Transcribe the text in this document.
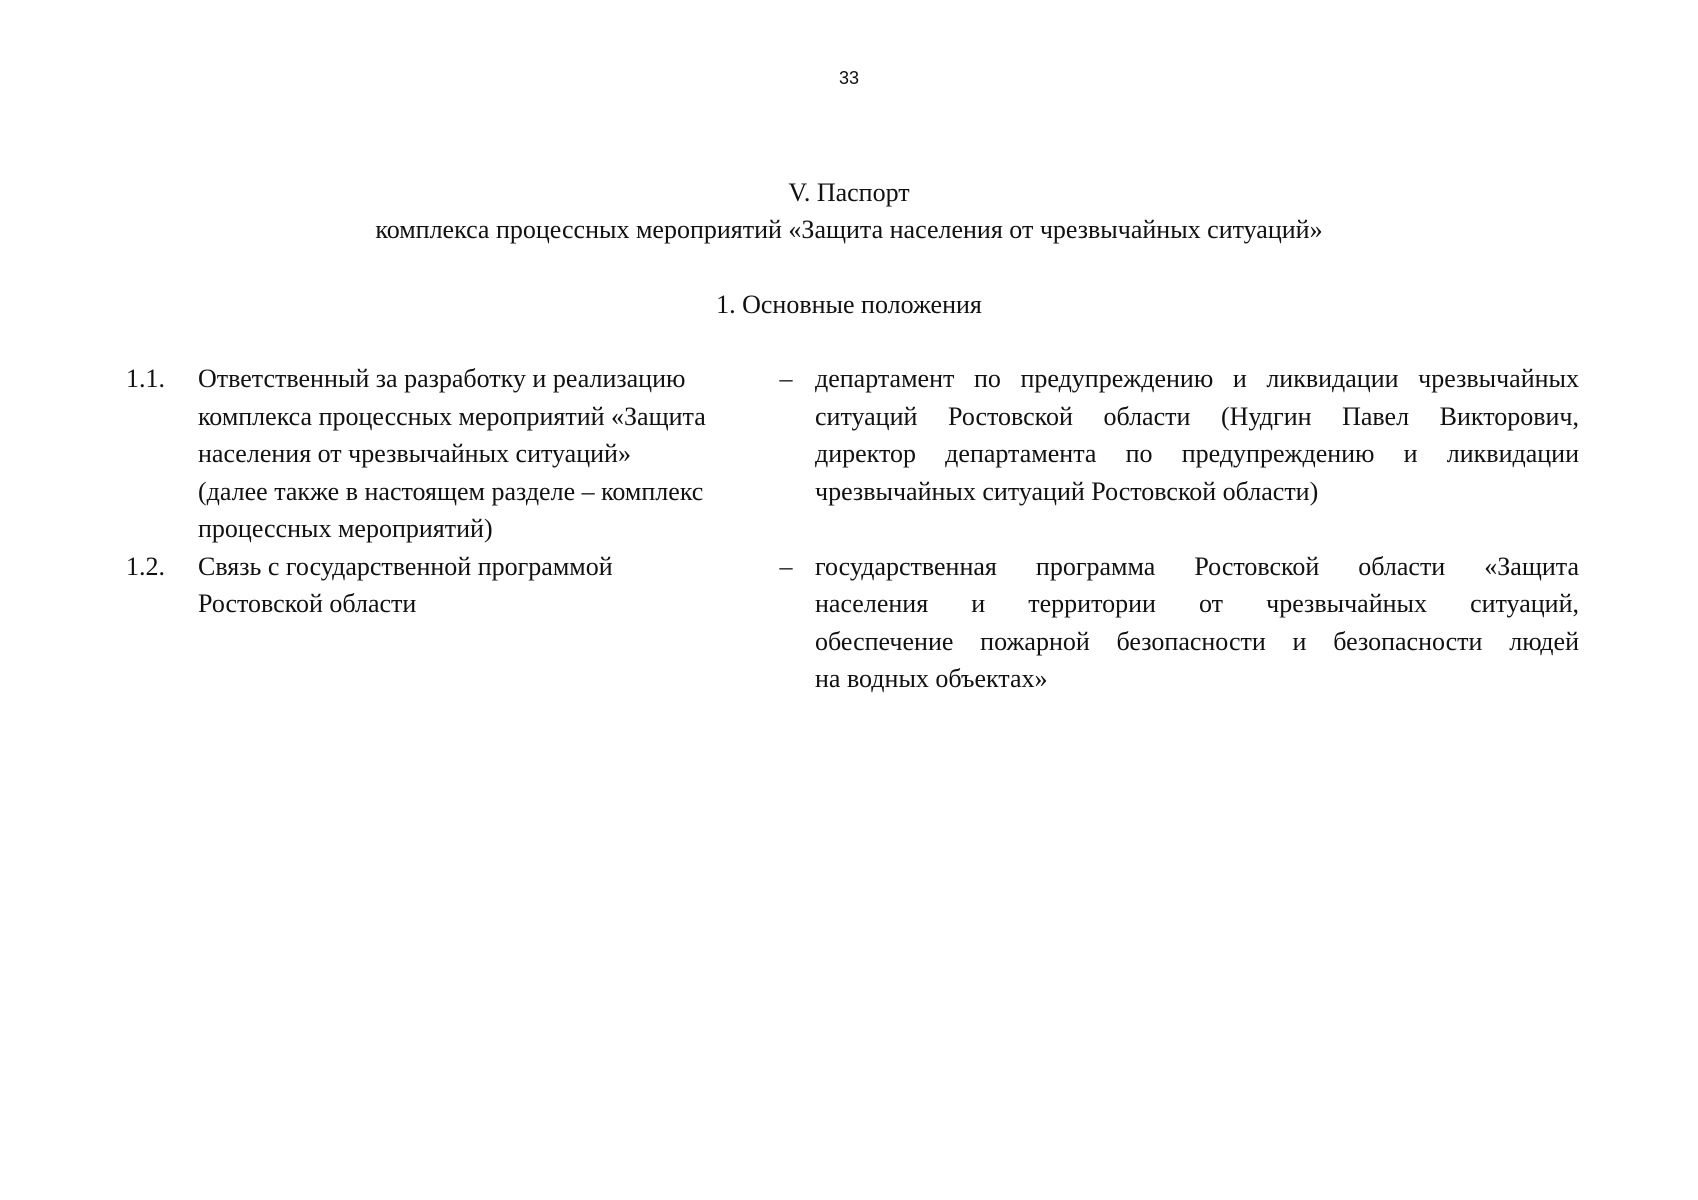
33
V. Паспорт
комплекса процессных мероприятий «Защита населения от чрезвычайных ситуаций»
1. Основные положения
1.1.	Ответственный за разработку и реализацию
комплекса процессных мероприятий «Защита
населения от чрезвычайных ситуаций»
(далее также в настоящем разделе – комплекс
процессных мероприятий)
– департамент по предупреждению и ликвидации чрезвычайных
ситуаций Ростовской области (Нудгин Павел Викторович,
директор департамента по предупреждению и ликвидации
чрезвычайных ситуаций Ростовской области)
1.2.	Связь с государственной программой
Ростовской области
– государственная программа Ростовской области «Защита
населения и территории от чрезвычайных ситуаций,
обеспечение пожарной безопасности и безопасности людей
на водных объектах»
